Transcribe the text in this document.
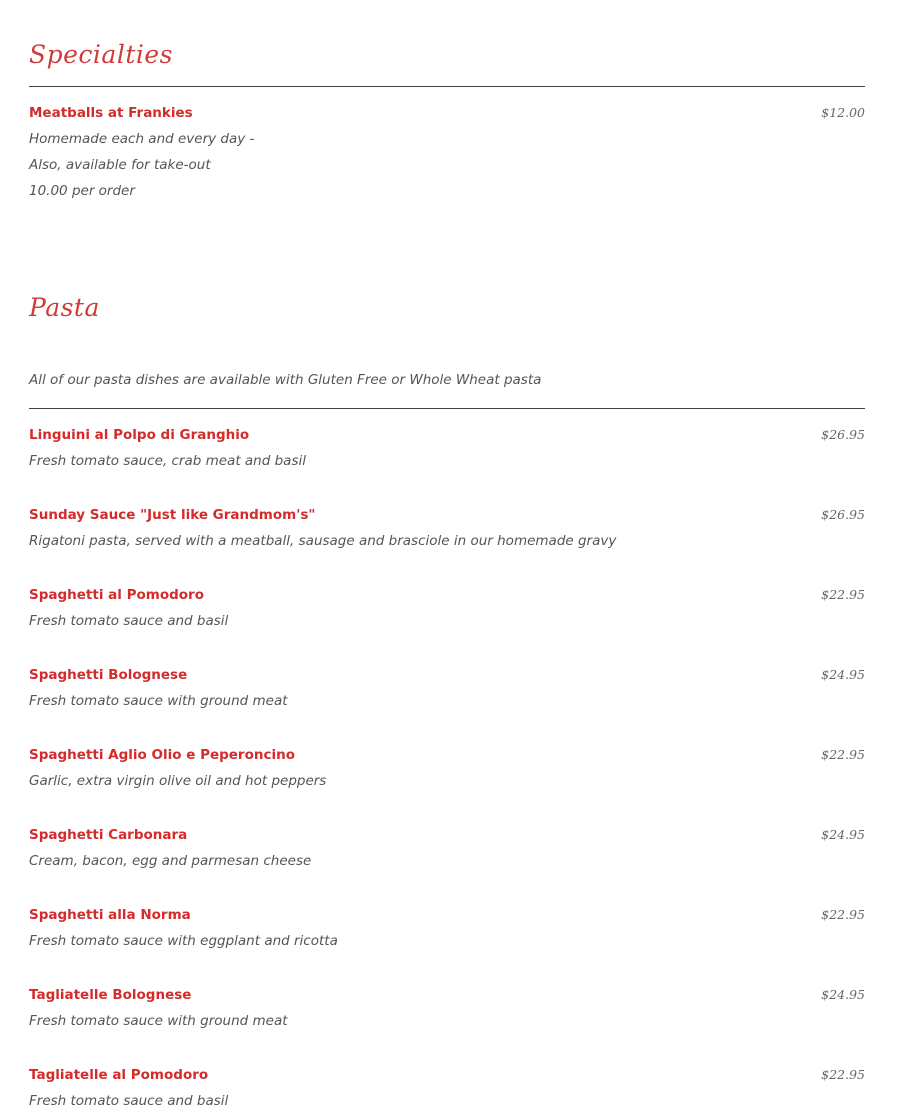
Specialties
Meatballs at Frankies	$12.00
Homemade each and every day -
Also, available for take-out
10.00 per order
Pasta
All of our pasta dishes are available with Gluten Free or Whole Wheat pasta
Linguini al Polpo di Granghio	$26.95
Fresh tomato sauce, crab meat and basil
Sunday Sauce "Just like Grandmom's"	$26.95
Rigatoni pasta, served with a meatball, sausage and brasciole in our homemade gravy
Spaghetti al Pomodoro	$22.95
Fresh tomato sauce and basil
Spaghetti Bolognese	$24.95
Fresh tomato sauce with ground meat
Spaghetti Aglio Olio e Peperoncino	$22.95
Garlic, extra virgin olive oil and hot peppers
Spaghetti Carbonara	$24.95
Cream, bacon, egg and parmesan cheese
Spaghetti alla Norma	$22.95
Fresh tomato sauce with eggplant and ricotta
Tagliatelle Bolognese	$24.95
Fresh tomato sauce with ground meat
Tagliatelle al Pomodoro	$22.95
Fresh tomato sauce and basil
